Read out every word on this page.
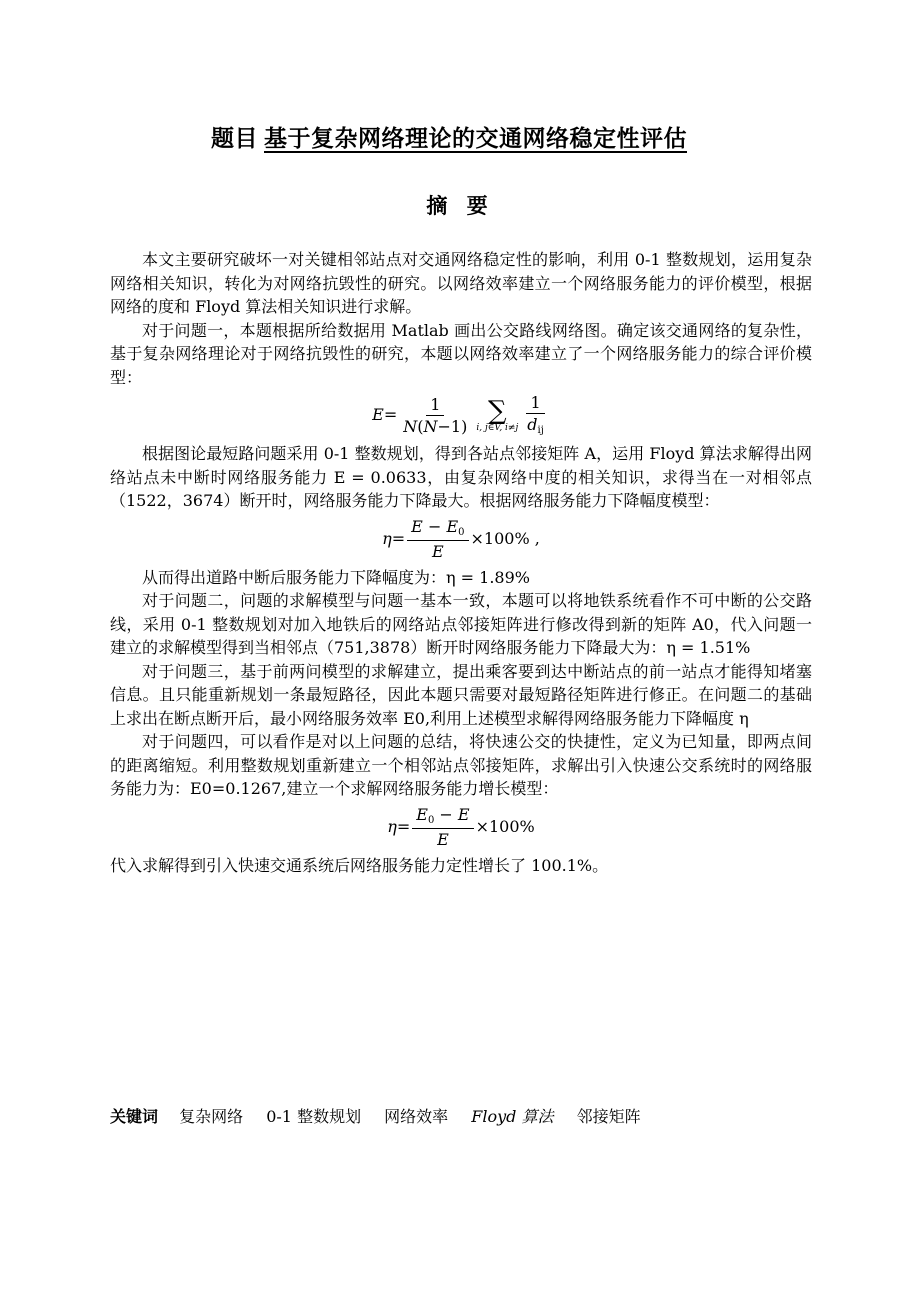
题目 基于复杂网络理论的交通网络稳定性评估
摘 要

本文主要研究破坏一对关键相邻站点对交通网络稳定性的影响，利用 0-1 整数规划，运用复杂网络相关知识，转化为对网络抗毁性的研究。以网络效率建立一个网络服务能力的评价模型，根据网络的度和 Floyd 算法相关知识进行求解。

对于问题一，本题根据所给数据用 Matlab 画出公交路线网络图。确定该交通网络的复杂性，基于复杂网络理论对于网络抗毁性的研究，本题以网络效率建立了一个网络服务能力的综合评价模型：

$E= \frac{1}{N(N-1)}$ ∑
i, j∈V, $i\ne j \frac{1}{d_{ij}}$

根据图论最短路问题采用 0-1 整数规划，得到各站点邻接矩阵 A，运用 Floyd 算法求解得出网络站点未中断时网络服务能力 E = 0.0633，由复杂网络中度的相关知识，求得当在一对相邻点（1522，3674）断开时，网络服务能力下降最大。根据网络服务能力下降幅度模型：

$\eta= \frac{E - E_0}{E} \times 100\%$ ,

从而得出道路中断后服务能力下降幅度为：η = 1.89%

对于问题二，问题的求解模型与问题一基本一致，本题可以将地铁系统看作不可中断的公交路线，采用 0-1 整数规划对加入地铁后的网络站点邻接矩阵进行修改得到新的矩阵 A0，代入问题一建立的求解模型得到当相邻点（751,3878）断开时网络服务能力下降最大为：η = 1.51%

对于问题三，基于前两问模型的求解建立，提出乘客要到达中断站点的前一站点才能得知堵塞信息。且只能重新规划一条最短路径，因此本题只需要对最短路径矩阵进行修正。在问题二的基础上求出在断点断开后，最小网络服务效率 E0,利用上述模型求解得网络服务能力下降幅度 η

对于问题四，可以看作是对以上问题的总结，将快速公交的快捷性，定义为已知量，即两点间的距离缩短。利用整数规划重新建立一个相邻站点邻接矩阵，求解出引入快速公交系统时的网络服务能力为：E0=0.1267,建立一个求解网络服务能力增长模型：

$\eta= \frac{E_0 - E}{E} \times 100\%$

代入求解得到引入快速交通系统后网络服务能力定性增长了 100.1%。

关键词 复杂网络 0-1 整数规划 网络效率 Floyd 算法 邻接矩阵
